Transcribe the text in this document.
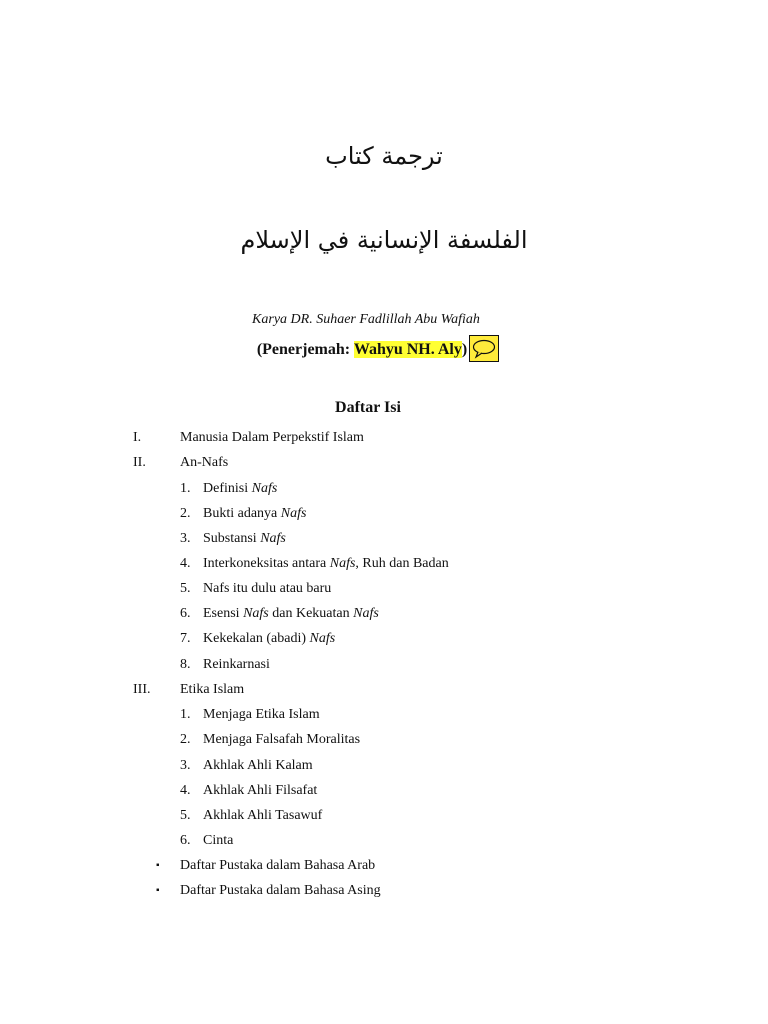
ترجمة كتاب
الفلسفة الإنسانية في الإسلام
Karya DR. Suhaer Fadlillah Abu Wafiah
(Penerjemah: Wahyu NH. Aly)
Daftar Isi
I.	Manusia Dalam Perpekstif Islam
II. An-Nafs
1. Definisi Nafs
2. Bukti adanya Nafs
3. Substansi Nafs
4. Interkoneksitas antara Nafs, Ruh dan Badan
5. Nafs itu dulu atau baru
6. Esensi Nafs dan Kekuatan Nafs
7. Kekekalan (abadi) Nafs
8. Reinkarnasi
III. Etika Islam
1. Menjaga Etika Islam
2. Menjaga Falsafah Moralitas
3. Akhlak Ahli Kalam
4. Akhlak Ahli Filsafat
5. Akhlak Ahli Tasawuf
6. Cinta
▪ Daftar Pustaka dalam Bahasa Arab
▪ Daftar Pustaka dalam Bahasa Asing
